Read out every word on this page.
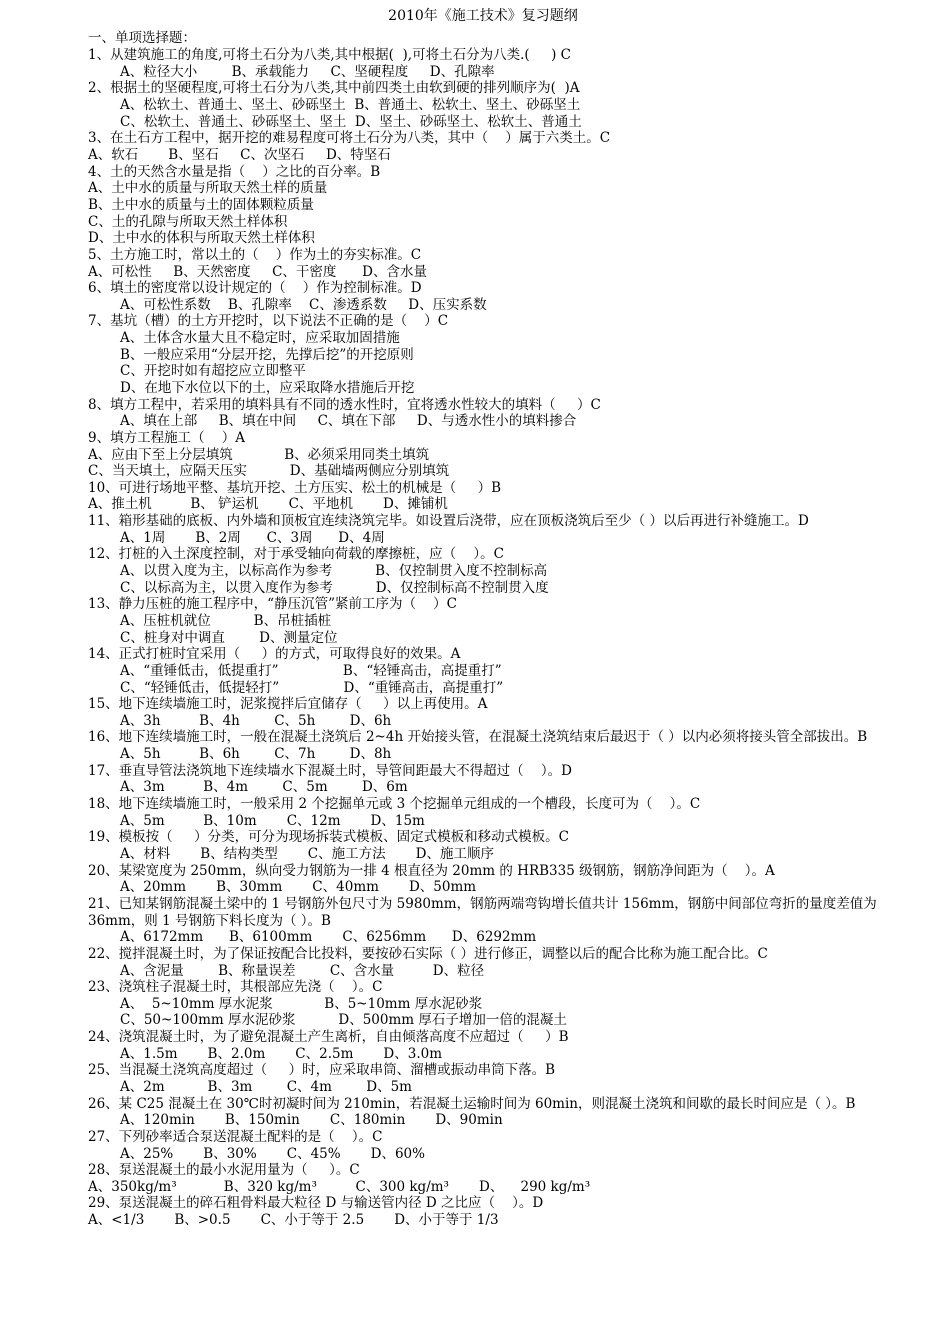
2010年《施工技术》复习题纲
一、单项选择题：
1、从建筑施工的角度,可将土石分为八类,其中根据(  ),可将土石分为八类.(     ) C
A、粒径大小        B、承载能力     C、坚硬程度     D、孔隙率
2、根据土的坚硬程度,可将土石分为八类,其中前四类土由软到硬的排列顺序为(  )A
A、松软土、普通土、坚土、砂砾坚土  B、普通土、松软土、坚土、砂砾坚土
C、松软土、普通土、砂砾坚土、坚土  D、坚土、砂砾坚土、松软土、普通土
3、在土石方工程中，据开挖的难易程度可将土石分为八类，其中（    ）属于六类土。C
A、软石       B、坚石     C、次坚石     D、特坚石
4、土的天然含水量是指（    ）之比的百分率。B
A、土中水的质量与所取天然土样的质量
B、土中水的质量与土的固体颗粒质量
C、土的孔隙与所取天然土样体积
D、土中水的体积与所取天然土样体积
5、土方施工时，常以土的（    ）作为土的夯实标准。C
A、可松性     B、天然密度     C、干密度      D、含水量
6、填土的密度常以设计规定的（    ）作为控制标准。D
A、可松性系数    B、孔隙率    C、渗透系数     D、压实系数
7、基坑（槽）的土方开挖时，以下说法不正确的是（    ）C
A、土体含水量大且不稳定时，应采取加固措施
B、一般应采用“分层开挖，先撑后挖”的开挖原则
C、开挖时如有超挖应立即整平
D、在地下水位以下的土，应采取降水措施后开挖
8、填方工程中，若采用的填料具有不同的透水性时，宜将透水性较大的填料（     ）C
A、填在上部     B、填在中间     C、填在下部     D、与透水性小的填料掺合
9、填方工程施工（    ）A
A、应由下至上分层填筑            B、必须采用同类土填筑
C、当天填土，应隔天压实          D、基础墙两侧应分别填筑
10、可进行场地平整、基坑开挖、土方压实、松土的机械是（     ）B
A、推土机         B、 铲运机       C、平地机       D、摊铺机
11、箱形基础的底板、内外墙和顶板宜连续浇筑完毕。如设置后浇带，应在顶板浇筑后至少（ ）以后再进行补缝施工。D
A、1周       B、2周      C、3周      D、4周
12、打桩的入土深度控制，对于承受轴向荷载的摩擦桩，应（    ）。C
A、以贯入度为主，以标高作为参考          B、仅控制贯入度不控制标高
C、以标高为主，以贯入度作为参考          D、仅控制标高不控制贯入度
13、静力压桩的施工程序中，“静压沉管”紧前工序为（    ）C
A、压桩机就位          B、吊桩插桩
C、桩身对中调直        D、测量定位
14、正式打桩时宜采用（     ）的方式，可取得良好的效果。A
A、“重锤低击，低提重打”               B、“轻锤高击，高提重打”
C、“轻锤低击，低提轻打”               D、“重锤高击，高提重打”
15、地下连续墙施工时，泥浆搅拌后宜储存（     ）以上再使用。A
A、3h         B、4h        C、5h        D、6h
16、地下连续墙施工时，一般在混凝土浇筑后 2~4h 开始接头管，在混凝土浇筑结束后最迟于（ ）以内必须将接头管全部拔出。B
A、5h         B、6h        C、7h        D、8h
17、垂直导管法浇筑地下连续墙水下混凝土时，导管间距最大不得超过（    ）。D
A、3m         B、4m        C、5m        D、6m
18、地下连续墙施工时，一般采用 2 个挖掘单元或 3 个挖掘单元组成的一个槽段，长度可为（    ）。C
A、5m         B、10m       C、12m       D、15m
19、模板按（     ）分类，可分为现场拆装式模板、固定式模板和移动式模板。C
A、材料       B、结构类型       C、施工方法       D、施工顺序
20、某梁宽度为 250mm，纵向受力钢筋为一排 4 根直径为 20mm 的 HRB335 级钢筋，钢筋净间距为（    ）。A
A、20mm       B、30mm       C、40mm       D、50mm
21、已知某钢筋混凝土梁中的 1 号钢筋外包尺寸为 5980mm，钢筋两端弯钩增长值共计 156mm，钢筋中间部位弯折的量度差值为 36mm，则 1 号钢筋下料长度为（ ）。B
A、6172mm      B、6100mm       C、6256mm      D、6292mm
22、搅拌混凝土时，为了保证按配合比投料，要按砂石实际（ ）进行修正，调整以后的配合比称为施工配合比。C
A、含泥量        B、称量误差        C、含水量         D、粒径
23、浇筑柱子混凝土时，其根部应先浇（    ）。C
A、  5~10mm 厚水泥浆            B、5~10mm 厚水泥砂浆
C、50~100mm 厚水泥砂浆          D、500mm 厚石子增加一倍的混凝土
24、浇筑混凝土时，为了避免混凝土产生离析，自由倾落高度不应超过（     ）B
A、1.5m       B、2.0m       C、2.5m       D、3.0m
25、当混凝土浇筑高度超过（     ）时，应采取串筒、溜槽或振动串筒下落。B
A、2m          B、3m        C、4m        D、5m
26、某 C25 混凝土在 30℃时初凝时间为 210min，若混凝土运输时间为 60min，则混凝土浇筑和间歇的最长时间应是（ ）。B
A、120min       B、150min       C、180min       D、90min
27、下列砂率适合泵送混凝土配料的是（    ）。C
A、25%       B、30%       C、45%       D、60%
28、泵送混凝土的最小水泥用量为（     ）。C
A、350kg/m³           B、320 kg/m³         C、300 kg/m³       D、    290 kg/m³
29、泵送混凝土的碎石粗骨料最大粒径 D 与输送管内径 D 之比应（    ）。D
A、<1/3       B、>0.5       C、小于等于 2.5       D、小于等于 1/3
